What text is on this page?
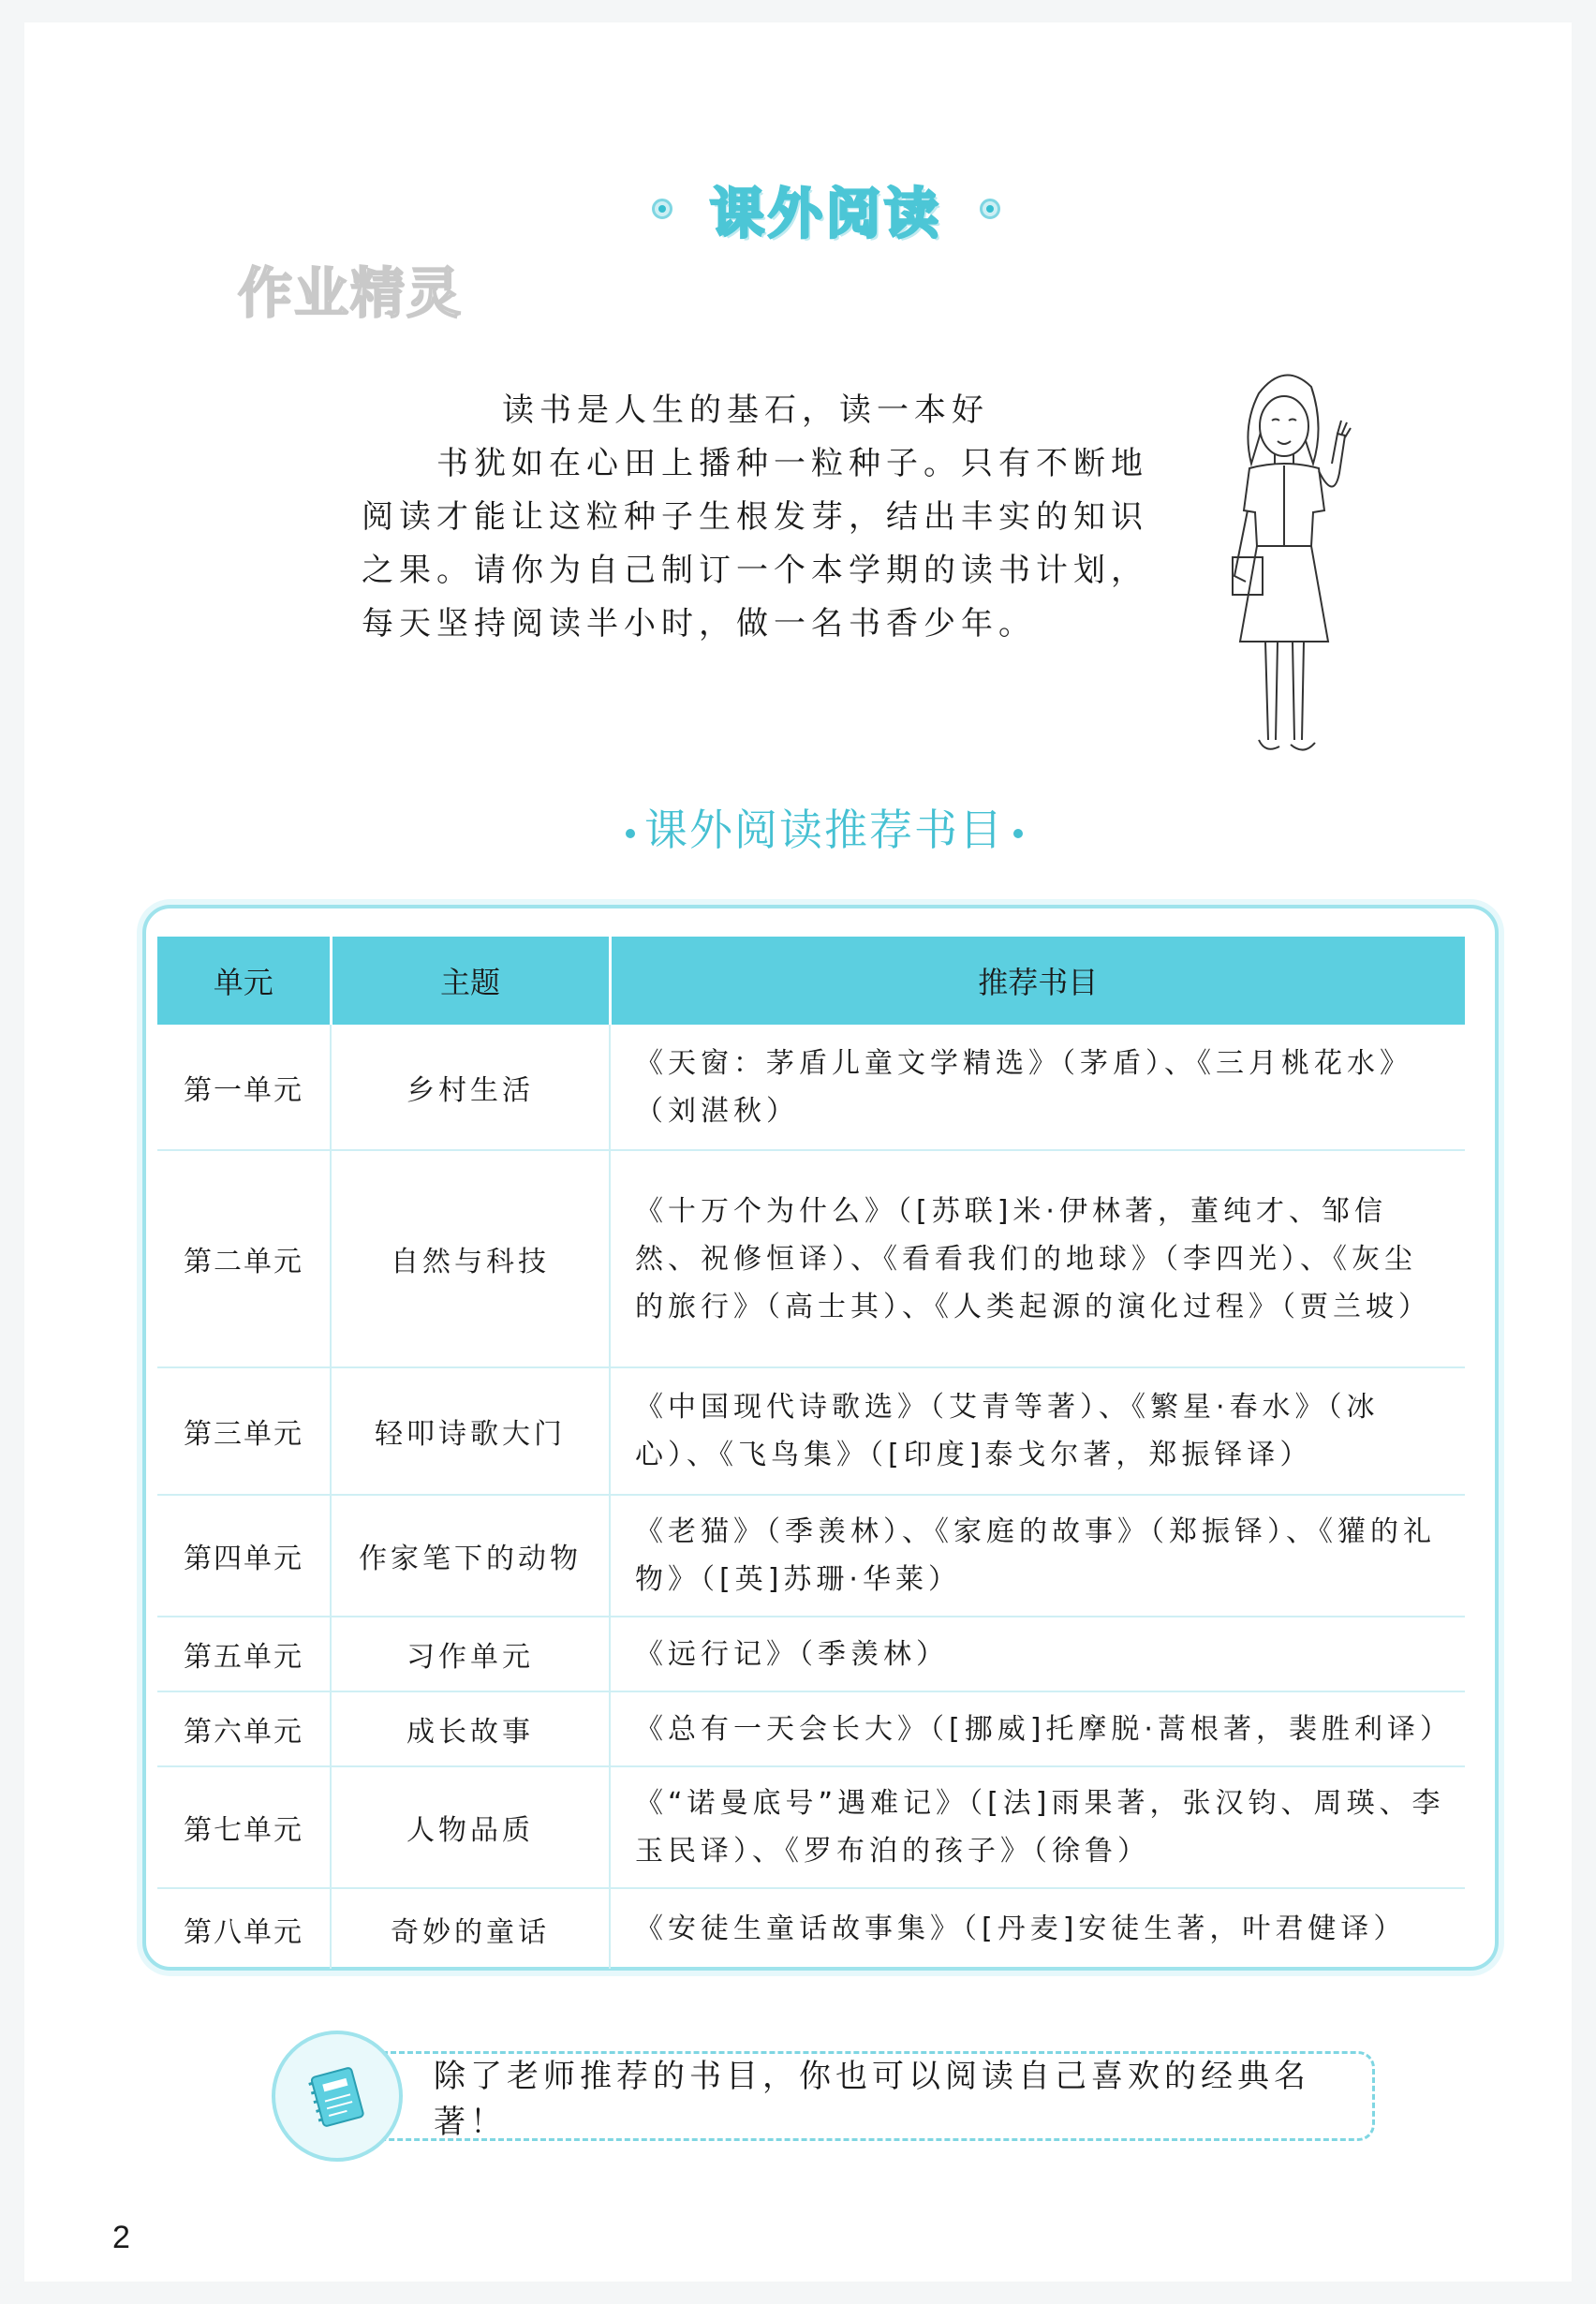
作业精灵
课外阅读

读书是人生的基石，读一本好

书犹如在心田上播种一粒种子。只有不断地

阅读才能让这粒种子生根发芽，结出丰实的知识

之果。请你为自己制订一个本学期的读书计划，

每天坚持阅读半小时，做一名书香少年。

课外阅读推荐书目
单元	主题	推荐书目
第一单元	乡村生活	《天窗：茅盾儿童文学精选》（茅盾）、《三月桃花水》（刘湛秋）
第二单元	自然与科技	《十万个为什么》（[苏联]米·伊林著，董纯才、邹信然、祝修恒译）、《看看我们的地球》（李四光）、《灰尘的旅行》（高士其）、《人类起源的演化过程》（贾兰坡）
第三单元	轻叩诗歌大门	《中国现代诗歌选》（艾青等著）、《繁星·春水》（冰心）、《飞鸟集》（[印度]泰戈尔著，郑振铎译）
第四单元	作家笔下的动物	《老猫》（季羡林）、《家庭的故事》（郑振铎）、《獾的礼物》（[英]苏珊·华莱）
第五单元	习作单元	《远行记》（季羡林）
第六单元	成长故事	《总有一天会长大》（[挪威]托摩脱·蒿根著，裴胜利译）
第七单元	人物品质	《“诺曼底号”遇难记》（[法]雨果著，张汉钧、周瑛、李玉民译）、《罗布泊的孩子》（徐鲁）
第八单元	奇妙的童话	《安徒生童话故事集》（[丹麦]安徒生著，叶君健译）
除了老师推荐的书目，你也可以阅读自己喜欢的经典名著！
2
